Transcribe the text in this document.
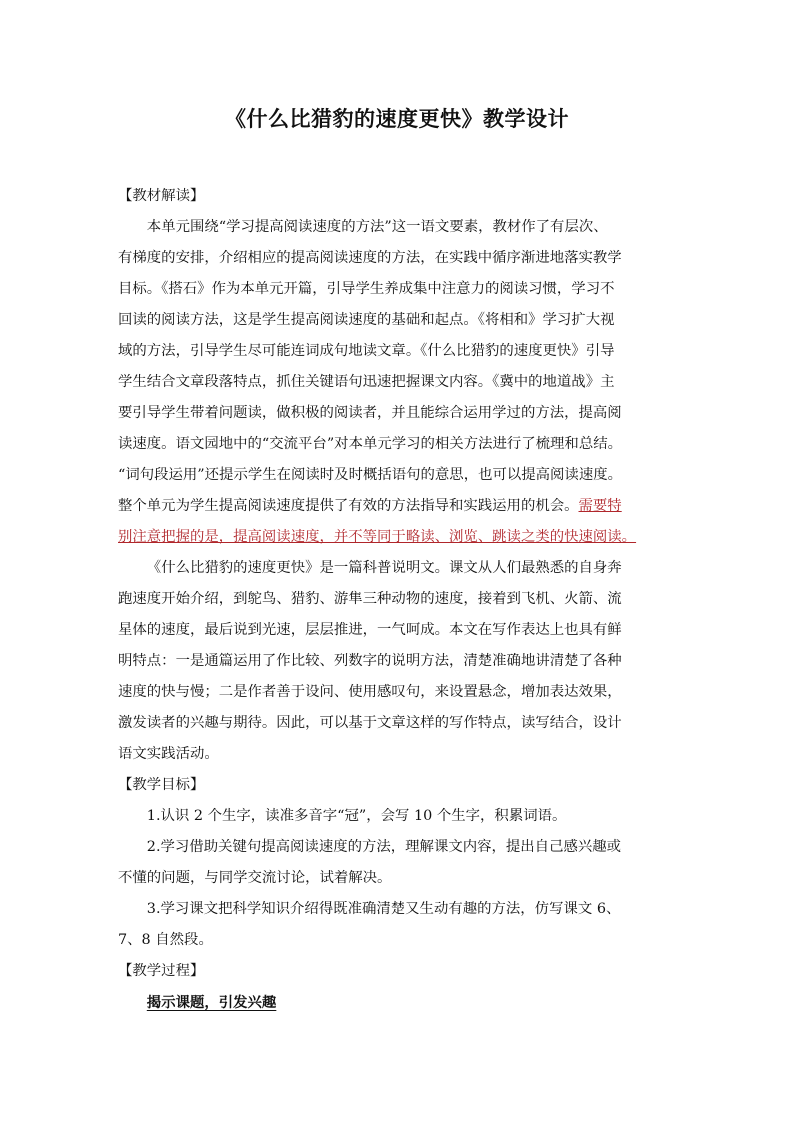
《什么比猎豹的速度更快》教学设计

【教材解读】

本单元围绕“学习提高阅读速度的方法”这一语文要素，教材作了有层次、
有梯度的安排，介绍相应的提高阅读速度的方法，在实践中循序渐进地落实教学
目标。《搭石》作为本单元开篇，引导学生养成集中注意力的阅读习惯，学习不
回读的阅读方法，这是学生提高阅读速度的基础和起点。《将相和》学习扩大视
域的方法，引导学生尽可能连词成句地读文章。《什么比猎豹的速度更快》引导
学生结合文章段落特点，抓住关键语句迅速把握课文内容。《冀中的地道战》主
要引导学生带着问题读，做积极的阅读者，并且能综合运用学过的方法，提高阅
读速度。语文园地中的“交流平台”对本单元学习的相关方法进行了梳理和总结。
“词句段运用”还提示学生在阅读时及时概括语句的意思，也可以提高阅读速度。
整个单元为学生提高阅读速度提供了有效的方法指导和实践运用的机会。需要特
别注意把握的是，提高阅读速度，并不等同于略读、浏览、跳读之类的快速阅读。

《什么比猎豹的速度更快》是一篇科普说明文。课文从人们最熟悉的自身奔
跑速度开始介绍，到鸵鸟、猎豹、游隼三种动物的速度，接着到飞机、火箭、流
星体的速度，最后说到光速，层层推进，一气呵成。本文在写作表达上也具有鲜
明特点：一是通篇运用了作比较、列数字的说明方法，清楚准确地讲清楚了各种
速度的快与慢；二是作者善于设问、使用感叹句，来设置悬念，增加表达效果，
激发读者的兴趣与期待。因此，可以基于文章这样的写作特点，读写结合，设计
语文实践活动。

【教学目标】

1.认识 2 个生字，读准多音字“冠”，会写 10 个生字，积累词语。

2.学习借助关键句提高阅读速度的方法，理解课文内容，提出自己感兴趣或
不懂的问题，与同学交流讨论，试着解决。

3.学习课文把科学知识介绍得既准确清楚又生动有趣的方法，仿写课文 6、
7、8 自然段。

【教学过程】

揭示课题，引发兴趣
